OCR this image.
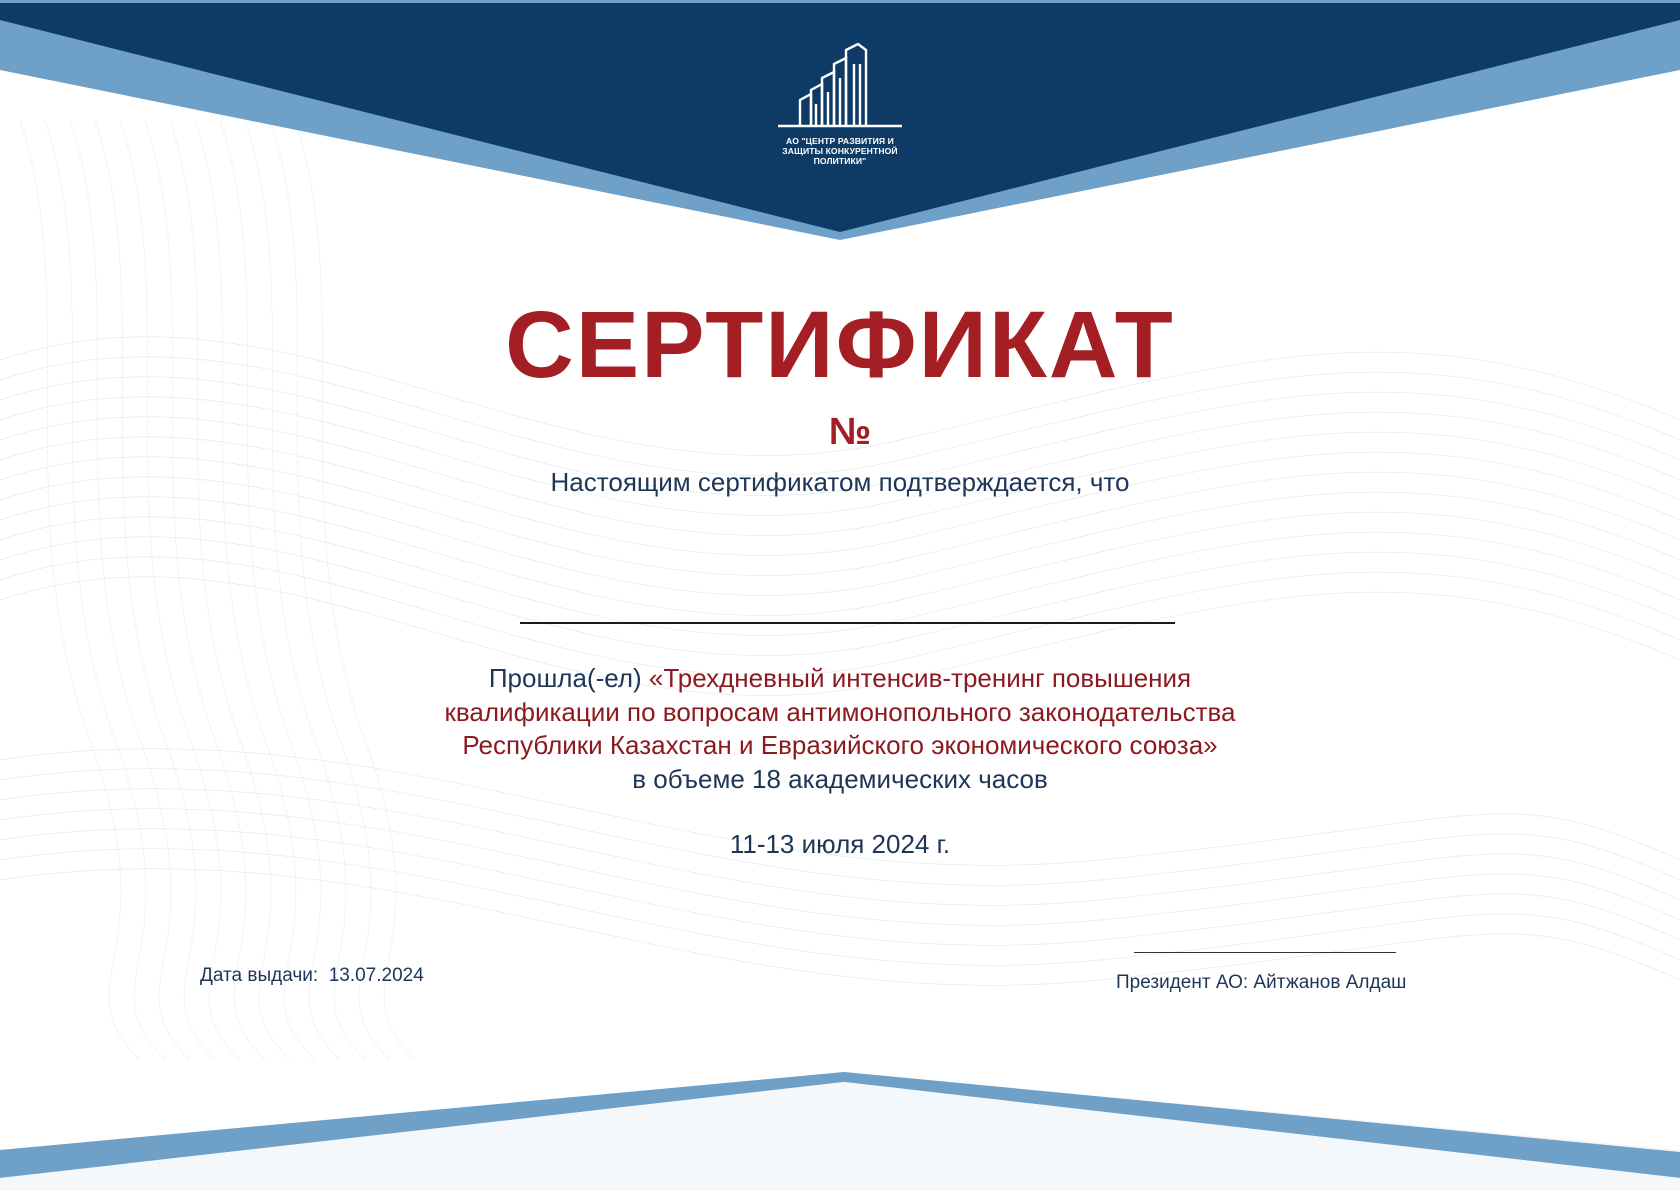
АО "ЦЕНТР РАЗВИТИЯ И
ЗАЩИТЫ КОНКУРЕНТНОЙ
ПОЛИТИКИ"
СЕРТИФИКАТ
№
Настоящим сертификатом подтверждается, что
Прошла(-ел) «Трехдневный интенсив-тренинг повышения
квалификации по вопросам антимонопольного законодательства
Республики Казахстан и Евразийского экономического союза»
в объеме 18 академических часов
11-13 июля 2024 г.
Дата выдачи: 13.07.2024	Президент АО: Айтжанов Алдаш
